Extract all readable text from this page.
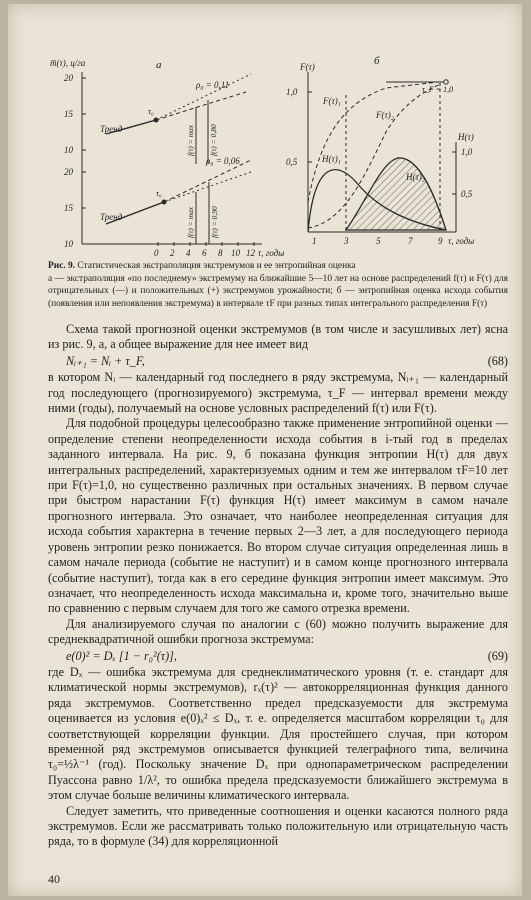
m̅(τ), ц/га	а
20
15
10
20
15
10
Тренд
Тренд
ρ₀ = 0,11
ρ₀ = 0,06
τ₀
τ₀
f(τ) = max f(τ) = 0,80
f(τ) = max f(τ) = 0,90
0 2 4 6 8 10 12 τ, годы
б
F(τ)
1,0
0,5
H(τ)
1,0
0,5
F(τ)₁
F(τ)₂
H(τ)₁
H(τ)₂
τ_F = 1,0
1	3	5	7	9 τ, годы
Рис. 9. Статистическая экстраполяция экстремумов и ее энтропийная оценка
а — экстраполяция «по последнему» экстремуму на ближайшие 5—10 лет на основе распределений f(τ) и F(τ) для отрицательных (—) и положительных (+) экстремумов урожайности; б — энтропийная оценка исхода события (появления или непоявления экстремума) в интервале τF при разных типах интегрального распределения F(τ)

Схема такой прогнозной оценки экстремумов (в том числе и засушливых лет) ясна из рис. 9, а, а общее выражение для нее имеет вид

Nᵢ₊₁ = Nᵢ + τ_F,	(68)

в котором Nᵢ — календарный год последнего в ряду экстремума, Nᵢ₊₁ — календарный год последующего (прогнозируемого) экстремума, τ_F — интервал времени между ними (годы), получаемый на основе условных распределений f(τ) или F(τ).

Для подобной процедуры целесообразно также применение энтропийной оценки — определение степени неопределенности исхода события в i-тый год в пределах заданного интервала. На рис. 9, б показана функция энтропии H(τ) для двух интегральных распределений, характеризуемых одним и тем же интервалом τF=10 лет при F(τ)=1,0, но существенно различных при остальных значениях. В первом случае при быстром нарастании F(τ) функция H(τ) имеет максимум в самом начале прогнозного интервала. Это означает, что наиболее неопределенная ситуация для исхода события характерна в течение первых 2—3 лет, а для последующего периода уровень энтропии резко понижается. Во втором случае ситуация определенная лишь в самом начале периода (событие не наступит) и в самом конце прогнозного интервала (событие наступит), тогда как в его середине функция энтропии имеет максимум. Это означает, что неопределенность исхода максимальна и, кроме того, значительно выше по сравнению с первым случаем для того же самого отрезка времени.

Для анализируемого случая по аналогии с (60) можно получить выражение для среднеквадратичной ошибки прогноза экстремума:

e(0)² = Dₓ [1 − r₀²(τ)],	(69)

где Dₓ — ошибка экстремума для среднеклиматического уровня (т. е. стандарт для климатической нормы экстремумов), rₓ(τ)² — автокорреляционная функция данного ряда экстремумов. Соответственно предел предсказуемости для экстремума оценивается из условия e(0)ₓ² ≤ Dₓ, т. е. определяется масштабом корреляции τ₀ для соответствующей корреляции функции. Для простейшего случая, при котором временной ряд экстремумов описывается функцией телеграфного типа, величина τ₀=½λ⁻¹ (год). Поскольку значение Dₓ при однопараметрическом распределении Пуассона равно 1/λ², то ошибка предела предсказуемости ближайшего экстремума в этом случае больше величины климатического интервала.

Следует заметить, что приведенные соотношения и оценки касаются полного ряда экстремумов. Если же рассматривать только положительную или отрицательную часть ряда, то в формуле (34) для корреляционной

40
